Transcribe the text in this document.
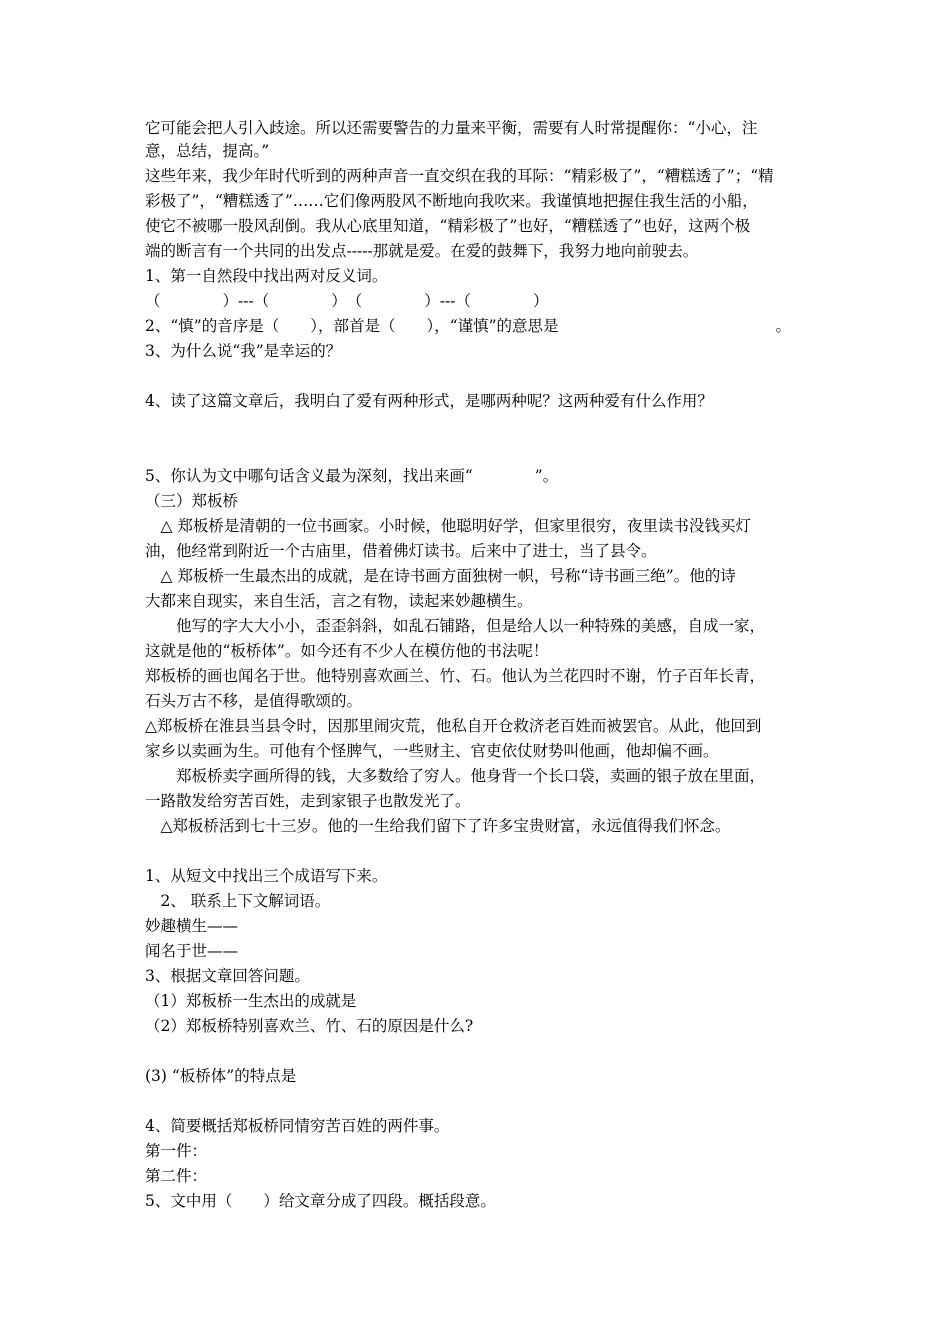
它可能会把人引入歧途。所以还需要警告的力量来平衡，需要有人时常提醒你：“小心，注
意，总结，提高。”
这些年来，我少年时代听到的两种声音一直交织在我的耳际：“精彩极了”，“糟糕透了”；“精
彩极了”，“糟糕透了”……它们像两股风不断地向我吹来。我谨慎地把握住我生活的小船，
使它不被哪一股风刮倒。我从心底里知道，“精彩极了”也好，“糟糕透了”也好，这两个极
端的断言有一个共同的出发点-----那就是爱。在爱的鼓舞下，我努力地向前驶去。
1、第一自然段中找出两对反义词。
（　　　　）---（　　　　）　（　　　　）---（　　　　）
2、“慎”的音序是（　　），部首是（　　），“谨慎”的意思是　　　　　　　　　　　　　　。
3、为什么说“我”是幸运的？
4、读了这篇文章后，我明白了爱有两种形式，是哪两种呢？这两种爱有什么作用？
5、你认为文中哪句话含义最为深刻，找出来画“　　　　”。
（三）郑板桥
　△ 郑板桥是清朝的一位书画家。小时候，他聪明好学，但家里很穷，夜里读书没钱买灯
油，他经常到附近一个古庙里，借着佛灯读书。后来中了进士，当了县令。
　△ 郑板桥一生最杰出的成就，是在诗书画方面独树一帜，号称“诗书画三绝”。他的诗
大都来自现实，来自生活，言之有物，读起来妙趣横生。
　　他写的字大大小小，歪歪斜斜，如乱石铺路，但是给人以一种特殊的美感，自成一家，
这就是他的“板桥体”。如今还有不少人在模仿他的书法呢！
郑板桥的画也闻名于世。他特别喜欢画兰、竹、石。他认为兰花四时不谢，竹子百年长青，
石头万古不移，是值得歌颂的。
△郑板桥在淮县当县令时，因那里闹灾荒，他私自开仓救济老百姓而被罢官。从此，他回到
家乡以卖画为生。可他有个怪脾气，一些财主、官吏依仗财势叫他画，他却偏不画。
　　郑板桥卖字画所得的钱，大多数给了穷人。他身背一个长口袋，卖画的银子放在里面，
一路散发给穷苦百姓，走到家银子也散发光了。
　△郑板桥活到七十三岁。他的一生给我们留下了许多宝贵财富，永远值得我们怀念。
1、从短文中找出三个成语写下来。
　2、 联系上下文解词语。
妙趣横生——
闻名于世——
3、根据文章回答问题。
（1）郑板桥一生杰出的成就是
（2）郑板桥特别喜欢兰、竹、石的原因是什么?
(3) “板桥体”的特点是
4、简要概括郑板桥同情穷苦百姓的两件事。
第一件：
第二件：
5、文中用（　　）给文章分成了四段。概括段意。
